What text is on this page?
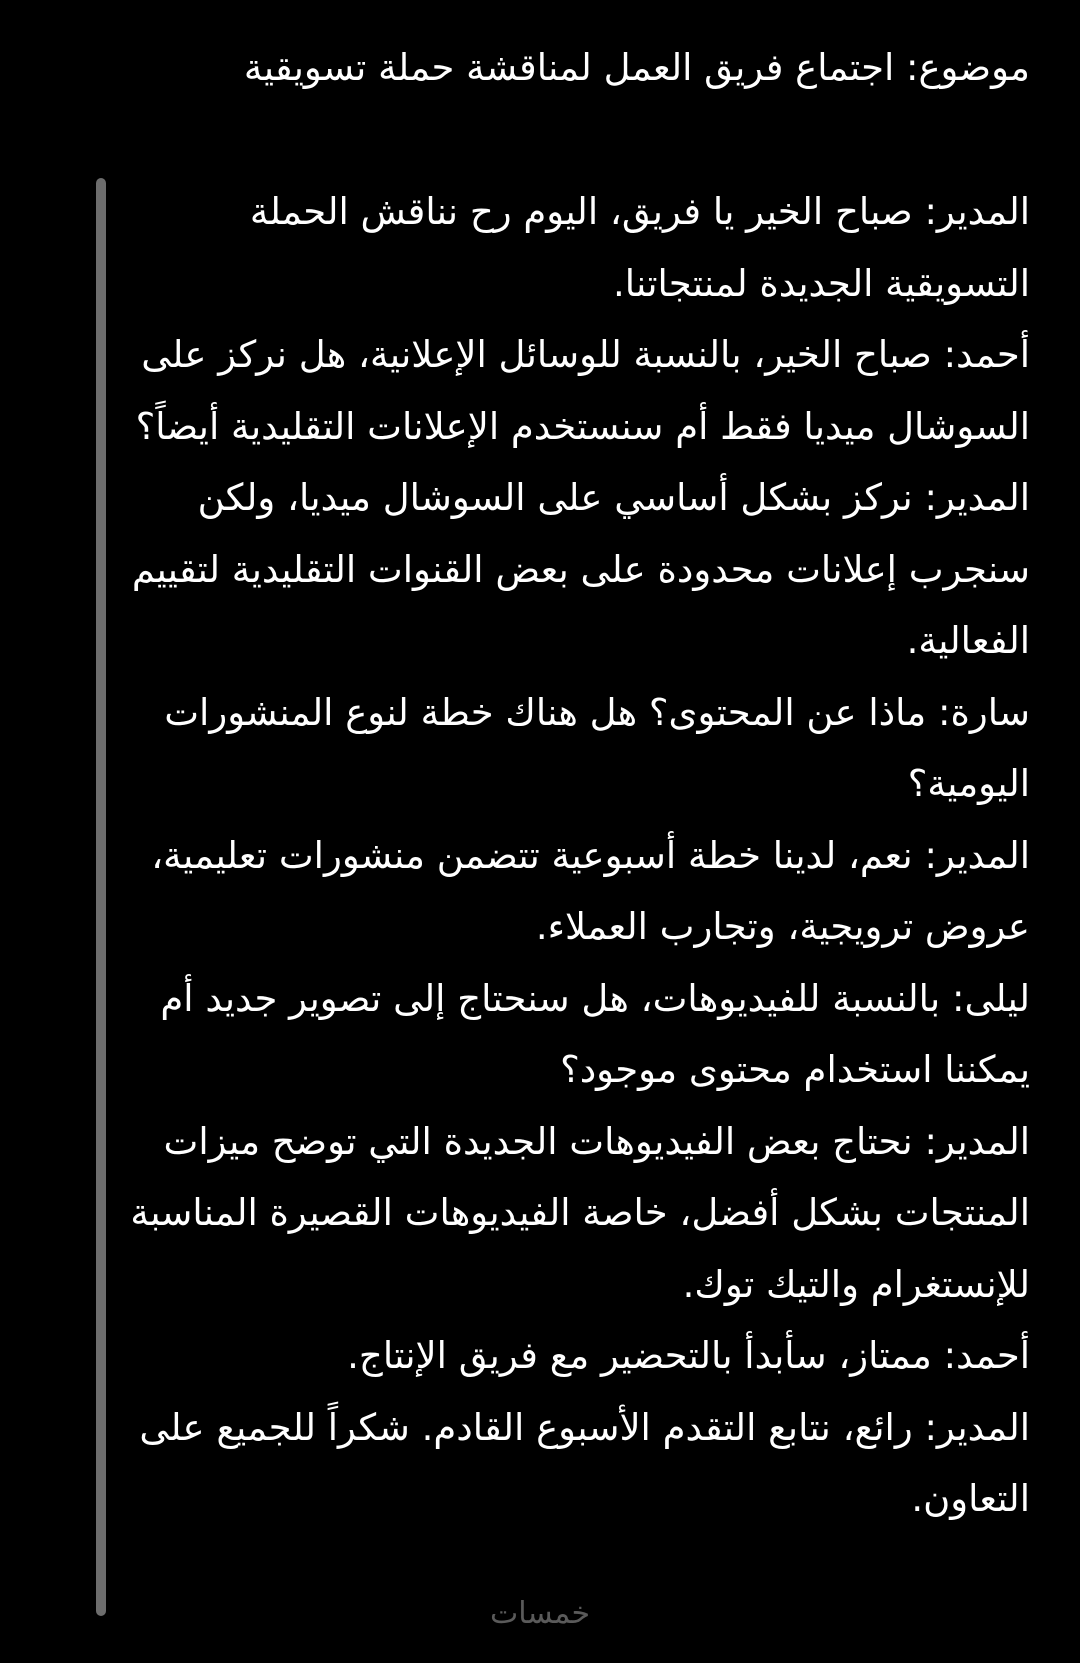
موضوع: اجتماع فريق العمل لمناقشة حملة تسويقية

المدير: صباح الخير يا فريق، اليوم رح نناقش الحملة التسويقية الجديدة لمنتجاتنا.

أحمد: صباح الخير، بالنسبة للوسائل الإعلانية، هل نركز على السوشال ميديا فقط أم سنستخدم الإعلانات التقليدية أيضاً؟

المدير: نركز بشكل أساسي على السوشال ميديا، ولكن سنجرب إعلانات محدودة على بعض القنوات التقليدية لتقييم الفعالية.

سارة: ماذا عن المحتوى؟ هل هناك خطة لنوع المنشورات اليومية؟

المدير: نعم، لدينا خطة أسبوعية تتضمن منشورات تعليمية، عروض ترويجية، وتجارب العملاء.

ليلى: بالنسبة للفيديوهات، هل سنحتاج إلى تصوير جديد أم يمكننا استخدام محتوى موجود؟

المدير: نحتاج بعض الفيديوهات الجديدة التي توضح ميزات المنتجات بشكل أفضل، خاصة الفيديوهات القصيرة المناسبة للإنستغرام والتيك توك.

أحمد: ممتاز، سأبدأ بالتحضير مع فريق الإنتاج.

المدير: رائع، نتابع التقدم الأسبوع القادم. شكراً للجميع على التعاون.

خمسات
